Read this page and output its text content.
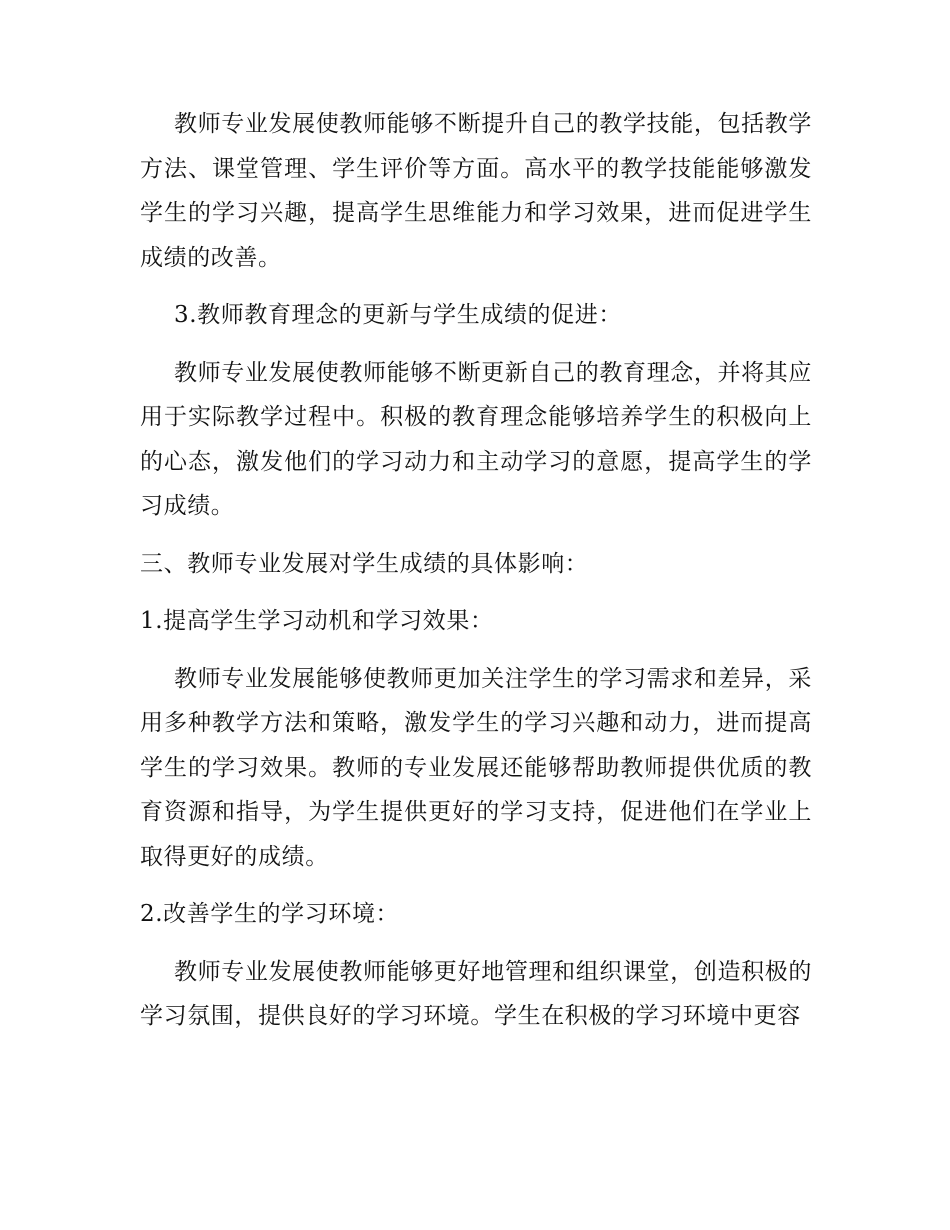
教师专业发展使教师能够不断提升自己的教学技能，包括教学方法、课堂管理、学生评价等方面。高水平的教学技能能够激发学生的学习兴趣，提高学生思维能力和学习效果，进而促进学生成绩的改善。

3.教师教育理念的更新与学生成绩的促进：

教师专业发展使教师能够不断更新自己的教育理念，并将其应用于实际教学过程中。积极的教育理念能够培养学生的积极向上的心态，激发他们的学习动力和主动学习的意愿，提高学生的学习成绩。

三、教师专业发展对学生成绩的具体影响：

1.提高学生学习动机和学习效果：

教师专业发展能够使教师更加关注学生的学习需求和差异，采用多种教学方法和策略，激发学生的学习兴趣和动力，进而提高学生的学习效果。教师的专业发展还能够帮助教师提供优质的教育资源和指导，为学生提供更好的学习支持，促进他们在学业上取得更好的成绩。

2.改善学生的学习环境：

教师专业发展使教师能够更好地管理和组织课堂，创造积极的学习氛围，提供良好的学习环境。学生在积极的学习环境中更容
